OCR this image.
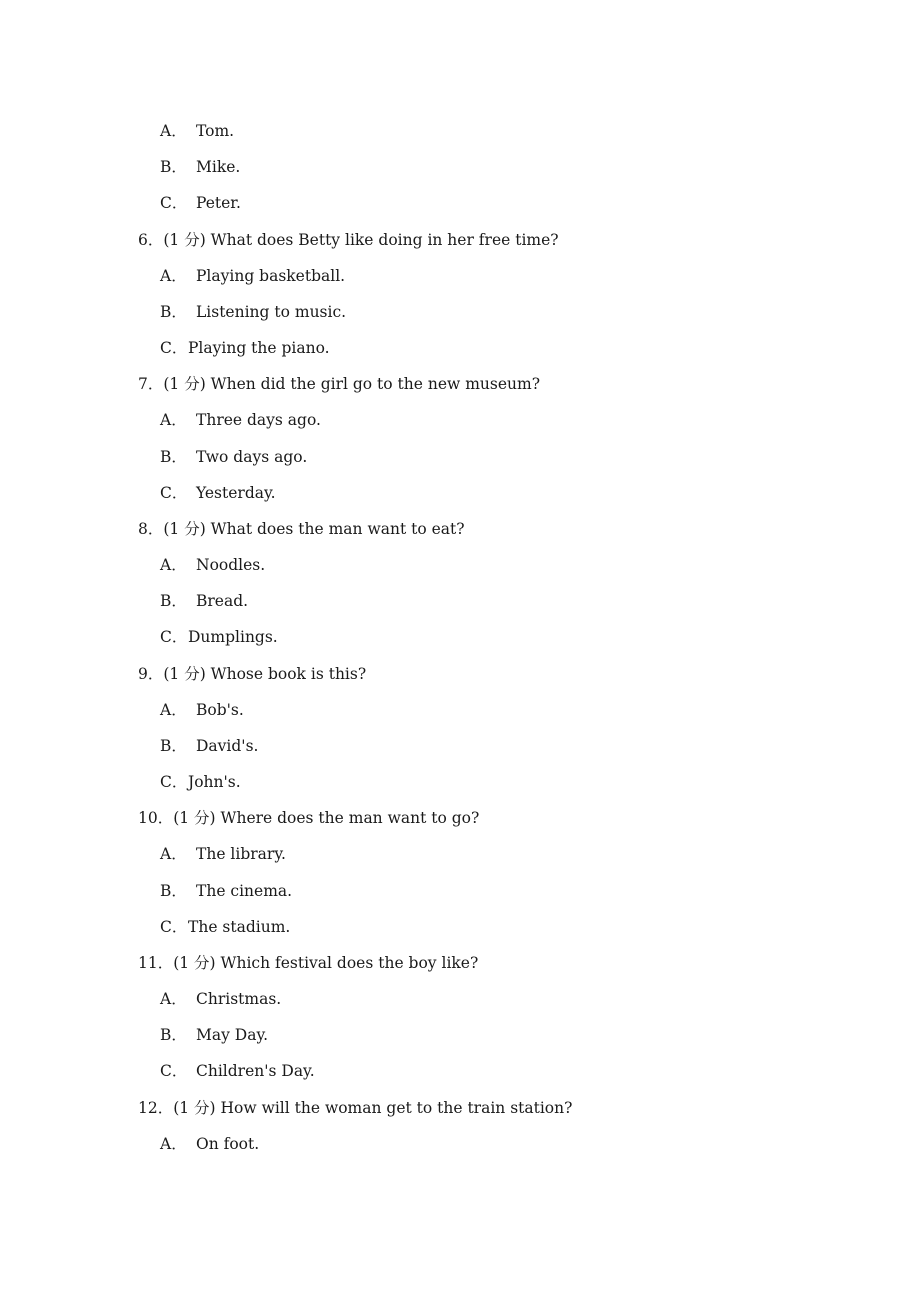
A． Tom.
B． Mike.
C． Peter.
6．(1 分) What does Betty like doing in her free time?
A． Playing basketball.
B． Listening to music.
C．Playing the piano.
7．(1 分) When did the girl go to the new museum?
A． Three days ago.
B． Two days ago.
C． Yesterday.
8．(1 分) What does the man want to eat?
A． Noodles.
B． Bread.
C．Dumplings.
9．(1 分) Whose book is this?
A． Bob's.
B． David's.
C．John's.
10．(1 分) Where does the man want to go?
A． The library.
B． The cinema.
C．The stadium.
11．(1 分) Which festival does the boy like?
A． Christmas.
B． May Day.
C． Children's Day.
12．(1 分) How will the woman get to the train station?
A． On foot.
